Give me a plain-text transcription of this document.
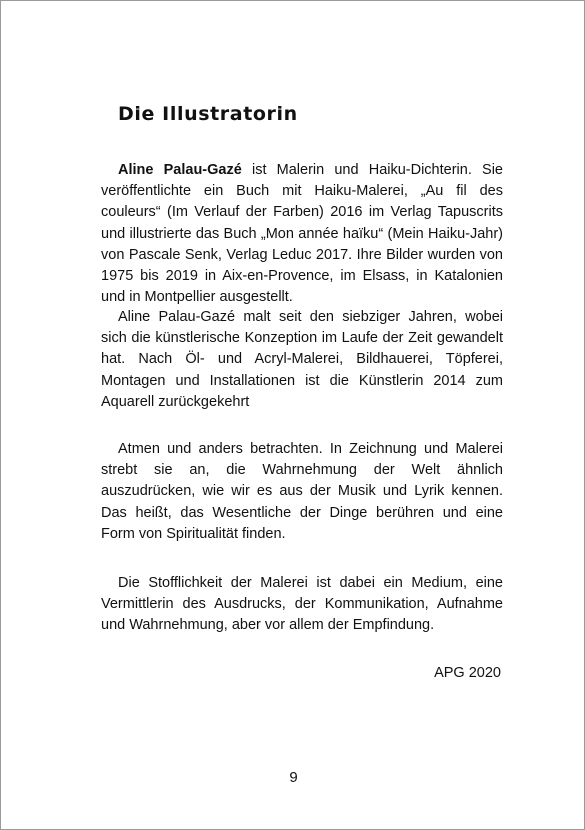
Die Illustratorin

Aline Palau-Gazé ist Malerin und Haiku-Dichterin. Sie veröffentlichte ein Buch mit Haiku-Malerei, „Au fil des couleurs“ (Im Verlauf der Farben) 2016 im Verlag Tapuscrits und illustrierte das Buch „Mon année haïku“ (Mein Haiku-Jahr) von Pascale Senk, Verlag Leduc 2017. Ihre Bilder wurden von 1975 bis 2019 in Aix-en-Provence, im Elsass, in Katalonien und in Montpellier ausgestellt.

Aline Palau-Gazé malt seit den siebziger Jahren, wobei sich die künstlerische Konzeption im Laufe der Zeit gewandelt hat. Nach Öl- und Acryl-Malerei, Bildhauerei, Töpferei, Montagen und Installationen ist die Künstlerin 2014 zum Aquarell zurückgekehrt

Atmen und anders betrachten. In Zeichnung und Malerei strebt sie an, die Wahrnehmung der Welt ähnlich auszudrücken, wie wir es aus der Musik und Lyrik kennen. Das heißt, das Wesentliche der Dinge berühren und eine Form von Spiritualität finden.

Die Stofflichkeit der Malerei ist dabei ein Medium, eine Vermittlerin des Ausdrucks, der Kommunikation, Aufnahme und Wahrnehmung, aber vor allem der Empfindung.

APG 2020
9
